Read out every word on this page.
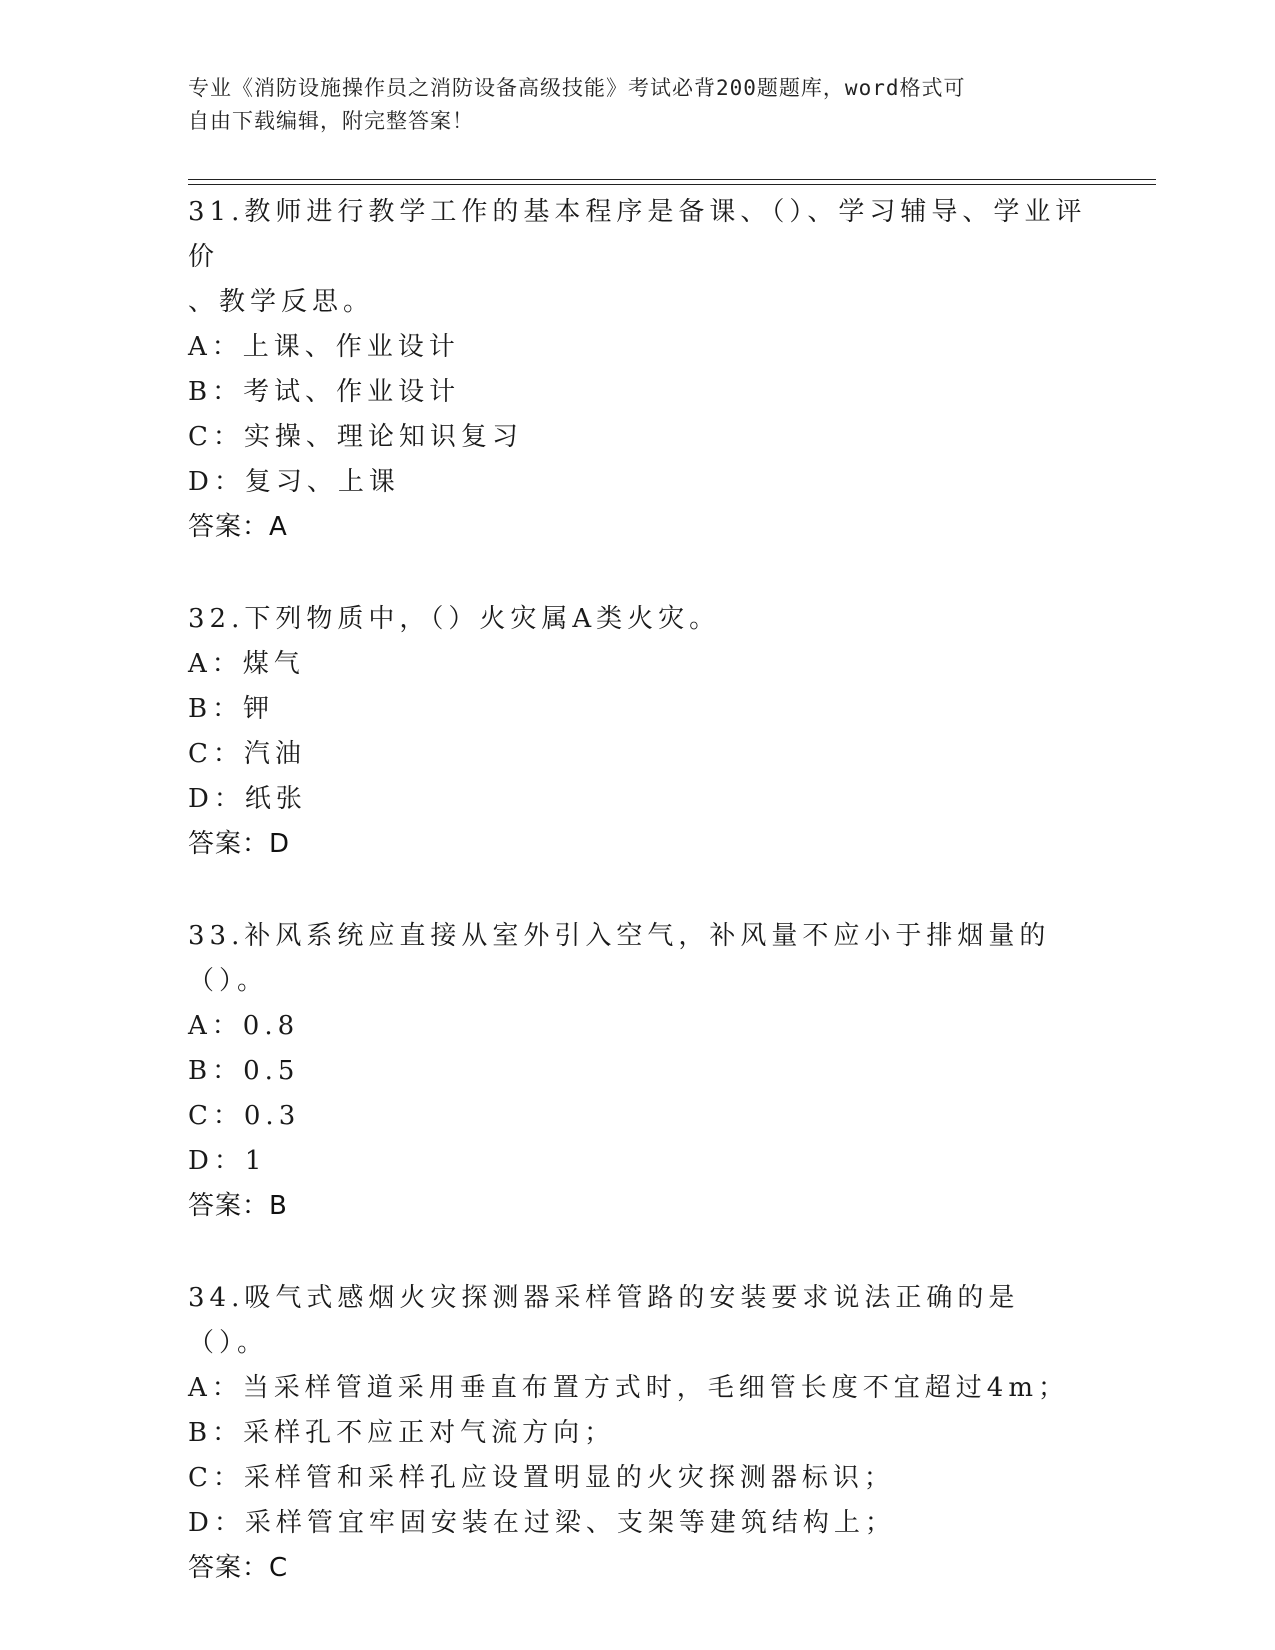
专业《消防设施操作员之消防设备高级技能》考试必背200题题库，word格式可
自由下载编辑，附完整答案！

31.教师进行教学工作的基本程序是备课、（）、学习辅导、学业评价

、教学反思。

A：上课、作业设计

B：考试、作业设计

C：实操、理论知识复习

D：复习、上课

答案：A

32.下列物质中，（）火灾属A类火灾。

A：煤气

B：钾

C：汽油

D：纸张

答案：D

33.补风系统应直接从室外引入空气，补风量不应小于排烟量的（）。

A：0.8

B：0.5

C：0.3

D：1

答案：B

34.吸气式感烟火灾探测器采样管路的安装要求说法正确的是（）。

A：当采样管道采用垂直布置方式时，毛细管长度不宜超过4m；

B：采样孔不应正对气流方向；

C：采样管和采样孔应设置明显的火灾探测器标识；

D：采样管宜牢固安装在过梁、支架等建筑结构上；

答案：C
